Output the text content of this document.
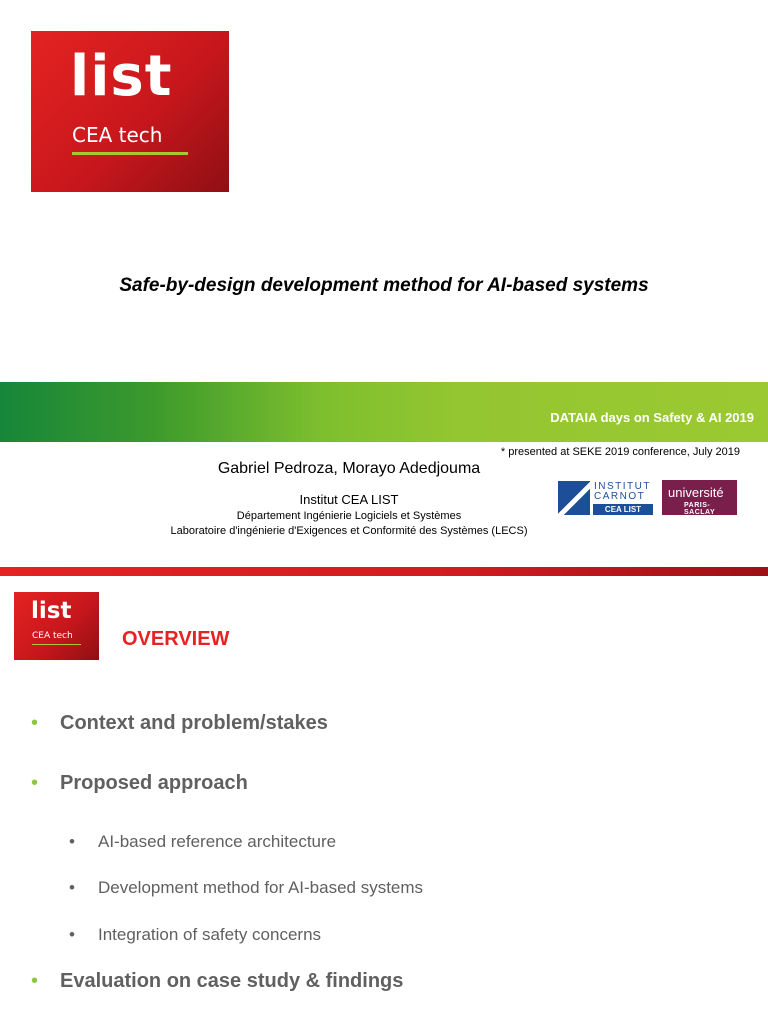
list
CEA tech
Safe-by-design development method for AI-based systems
DATAIA days on Safety & AI 2019
* presented at SEKE 2019 conference, July 2019
Gabriel Pedroza, Morayo Adedjouma
Institut CEA LIST
Département Ingénierie Logiciels et Systèmes
Laboratoire d'ingénierie d'Exigences et Conformité des Systèmes (LECS)
INSTITUT
CARNOT
CEA LIST
université
PARIS-SACLAY
list
CEA tech OVERVIEW
• Context and problem/stakes
• Proposed approach
• AI-based reference architecture
• Development method for AI-based systems
• Integration of safety concerns
• Evaluation on case study & findings
